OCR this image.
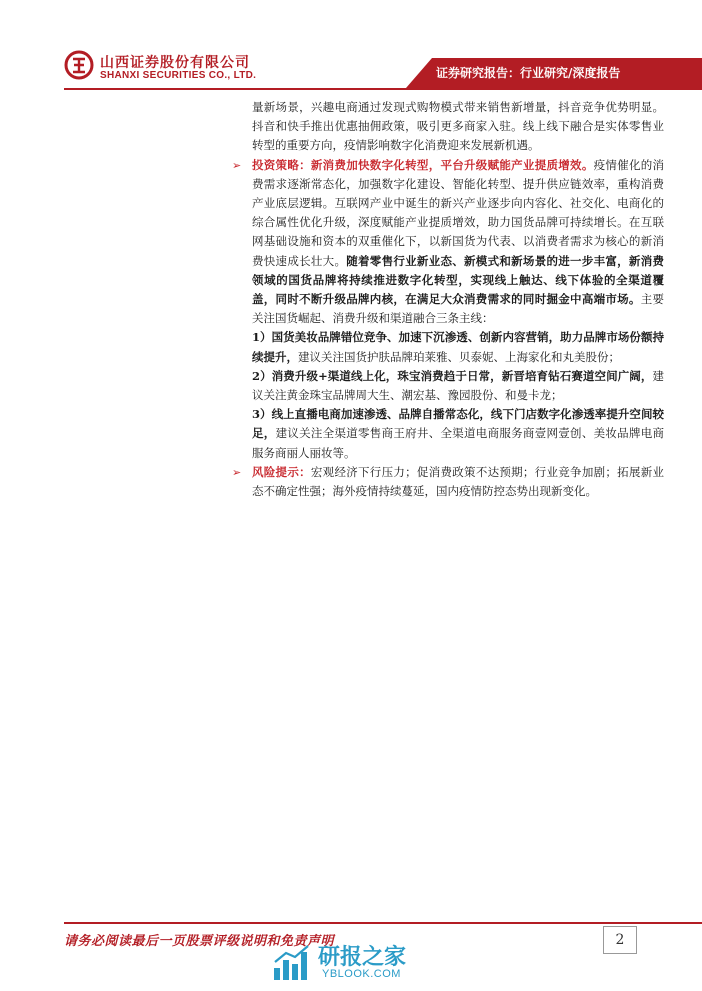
山西证券股份有限公司
SHANXI SECURITIES CO., LTD.	证券研究报告：行业研究/深度报告

量新场景，兴趣电商通过发现式购物模式带来销售新增量，抖音竞争优势明显。抖音和快手推出优惠抽佣政策，吸引更多商家入驻。线上线下融合是实体零售业转型的重要方向，疫情影响数字化消费迎来发展新机遇。

➢ 投资策略：新消费加快数字化转型，平台升级赋能产业提质增效。疫情催化的消费需求逐渐常态化，加强数字化建设、智能化转型、提升供应链效率，重构消费产业底层逻辑。互联网产业中诞生的新兴产业逐步向内容化、社交化、电商化的综合属性优化升级，深度赋能产业提质增效，助力国货品牌可持续增长。在互联网基础设施和资本的双重催化下，以新国货为代表、以消费者需求为核心的新消费快速成长壮大。随着零售行业新业态、新模式和新场景的进一步丰富，新消费领域的国货品牌将持续推进数字化转型，实现线上触达、线下体验的全渠道覆盖，同时不断升级品牌内核，在满足大众消费需求的同时掘金中高端市场。主要关注国货崛起、消费升级和渠道融合三条主线：

1）国货美妆品牌错位竞争、加速下沉渗透、创新内容营销，助力品牌市场份额持续提升，建议关注国货护肤品牌珀莱雅、贝泰妮、上海家化和丸美股份；

2）消费升级+渠道线上化，珠宝消费趋于日常，新晋培育钻石赛道空间广阔，建议关注黄金珠宝品牌周大生、潮宏基、豫园股份、和曼卡龙；

3）线上直播电商加速渗透、品牌自播常态化，线下门店数字化渗透率提升空间较足，建议关注全渠道零售商王府井、全渠道电商服务商壹网壹创、美妆品牌电商服务商丽人丽妆等。

➢ 风险提示：宏观经济下行压力；促消费政策不达预期；行业竞争加剧；拓展新业态不确定性强；海外疫情持续蔓延，国内疫情防控态势出现新变化。

请务必阅读最后一页股票评级说明和免责声明	2
研报之家
YBLOOK.COM
